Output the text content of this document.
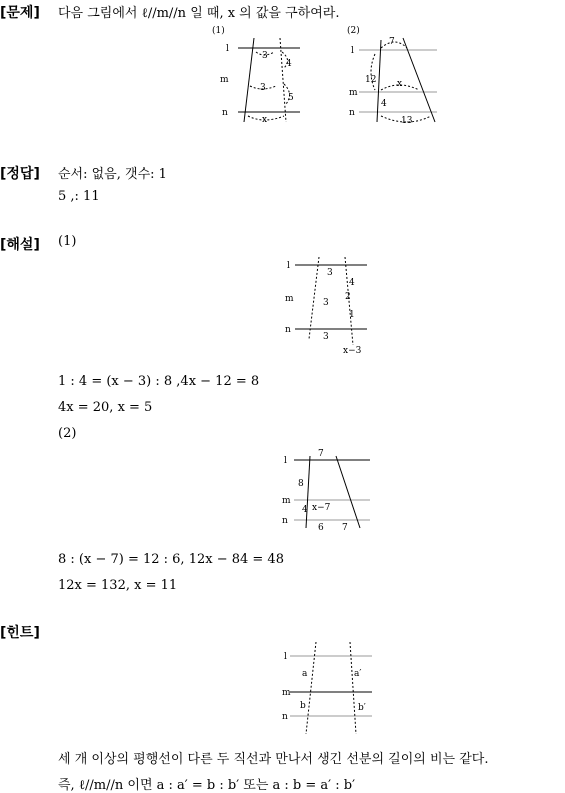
[문제] 다음 그림에서 ℓ//m//n 일 때, x 의 값을 구하여라.
(1)
l
m
n
3
4
3
5
x
(2)
l
m
n
7
12 x
4
13
[정답] 순서: 없음, 갯수: 1
5 ,: 11
[해설] (1)
l
m
n
3
4
3
2
3
1
x−3
1 : 4 = (x − 3) : 8 ,4x − 12 = 8
4x = 20, x = 5
(2)
l
m
n
7
8
4 x−7
6 7
8 : (x − 7) = 12 : 6, 12x − 84 = 48
12x = 132, x = 11
[힌트]
l
m
n
a	a′
b	b′
세 개 이상의 평행선이 다른 두 직선과 만나서 생긴 선분의 길이의 비는 같다.
즉, ℓ//m//n 이면 a : a′ = b : b′ 또는 a : b = a′ : b′
